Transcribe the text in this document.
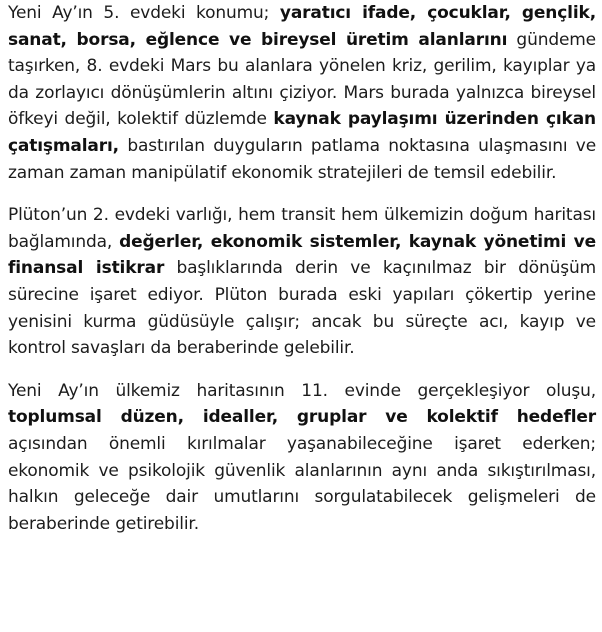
Yeni Ay’ın 5. evdeki konumu; yaratıcı ifade, çocuklar, gençlik, sanat, borsa, eğlence ve bireysel üretim alanlarını gündeme taşırken, 8. evdeki Mars bu alanlara yönelen kriz, gerilim, kayıplar ya da zorlayıcı dönüşümlerin altını çiziyor. Mars burada yalnızca bireysel öfkeyi değil, kolektif düzlemde kaynak paylaşımı üzerinden çıkan çatışmaları, bastırılan duyguların patlama noktasına ulaşmasını ve zaman zaman manipülatif ekonomik stratejileri de temsil edebilir.

Plüton’un 2. evdeki varlığı, hem transit hem ülkemizin doğum haritası bağlamında, değerler, ekonomik sistemler, kaynak yönetimi ve finansal istikrar başlıklarında derin ve kaçınılmaz bir dönüşüm sürecine işaret ediyor. Plüton burada eski yapıları çökertip yerine yenisini kurma güdüsüyle çalışır; ancak bu süreçte acı, kayıp ve kontrol savaşları da beraberinde gelebilir.

Yeni Ay’ın ülkemiz haritasının 11. evinde gerçekleşiyor oluşu, toplumsal düzen, idealler, gruplar ve kolektif hedefler açısından önemli kırılmalar yaşanabileceğine işaret ederken; ekonomik ve psikolojik güvenlik alanlarının aynı anda sıkıştırılması, halkın geleceğe dair umutlarını sorgulatabilecek gelişmeleri de beraberinde getirebilir.
